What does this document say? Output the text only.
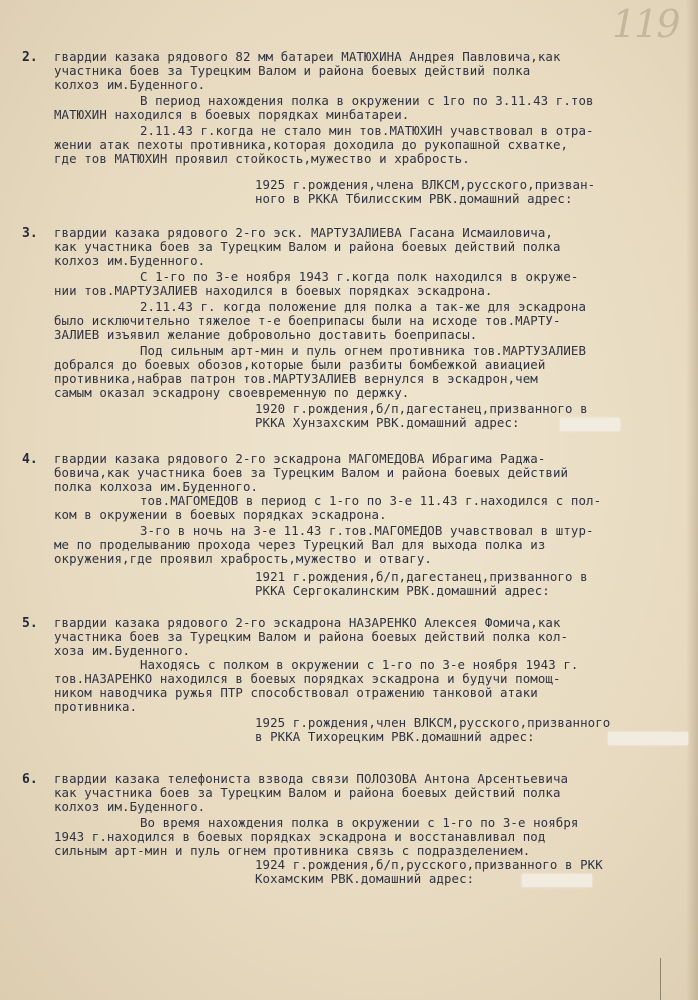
119
2. гвардии казака рядового 82 мм батареи МАТЮХИНА Андрея Павловича,как
участника боев за Турецким Валом и района боевых действий полка
колхоз им.Буденного.
В период нахождения полка в окружении с 1го по 3.11.43 г.тов
МАТЮХИН находился в боевых порядках минбатареи.
2.11.43 г.когда не стало мин тов.МАТЮХИН учавствовал в отра-
жении атак пехоты противника,которая доходила до рукопашной схватке,
где тов МАТЮХИН проявил стойкость,мужество и храбрость.
1925 г.рождения,члена ВЛКСМ,русского,призван-
ного в РККА Тбилисским РВК.домашний адрес:
3. гвардии казака рядового 2-го эск. МАРТУЗАЛИЕВА Гасана Исмаиловича,
как участника боев за Турецким Валом и района боевых действий полка
колхоз им.Буденного.
С 1-го по 3-е ноября 1943 г.когда полк находился в окруже-
нии тов.МАРТУЗАЛИЕВ находился в боевых порядках эскадрона.
2.11.43 г. когда положение для полка а так-же для эскадрона
было исключительно тяжелое т-е боеприпасы были на исходе тов.МАРТУ-
ЗАЛИЕВ изъявил желание добровольно доставить боеприпасы.
Под сильным арт-мин и пуль огнем противника тов.МАРТУЗАЛИЕВ
добрался до боевых обозов,которые были разбиты бомбежкой авиацией
противника,набрав патрон тов.МАРТУЗАЛИЕВ вернулся в эскадрон,чем
самым оказал эскадрону своевременную по держку.
1920 г.рождения,б/п,дагестанец,призванного в
РККА Хунзахским РВК.домашний адрес:
4. гвардии казака рядового 2-го эскадрона МАГОМЕДОВА Ибрагима Раджа-
бовича,как участника боев за Турецким Валом и района боевых действий
полка колхоза им.Буденного.
тов.МАГОМЕДОВ в период с 1-го по 3-е 11.43 г.находился с пол-
ком в окружении в боевых порядках эскадрона.
3-го в ночь на 3-е 11.43 г.тов.МАГОМЕДОВ учавствовал в штур-
ме по проделыванию прохода через Турецкий Вал для выхода полка из
окружения,где проявил храбрость,мужество и отвагу.
1921 г.рождения,б/п,дагестанец,призванного в
РККА Сергокалинским РВК.домашний адрес:
5. гвардии казака рядового 2-го эскадрона НАЗАРЕНКО Алексея Фомича,как
участника боев за Турецким Валом и района боевых действий полка кол-
хоза им.Буденного.
Находясь с полком в окружении с 1-го по 3-е ноября 1943 г.
тов.НАЗАРЕНКО находился в боевых порядках эскадрона и будучи помощ-
ником наводчика ружья ПТР способствовал отражению танковой атаки
противника.
1925 г.рождения,член ВЛКСМ,русского,призванного
в РККА Тихорецким РВК.домашний адрес:
6. гвардии казака телефониста взвода связи ПОЛОЗОВА Антона Арсентьевича
как участника боев за Турецким Валом и района боевых действий полка
колхоз им.Буденного.
Во время нахождения полка в окружении с 1-го по 3-е ноября
1943 г.находился в боевых порядках эскадрона и восстанавливал под
сильным арт-мин и пуль огнем противника связь с подразделением.
1924 г.рождения,б/п,русского,призванного в РКК
Кохамским РВК.домашний адрес:
